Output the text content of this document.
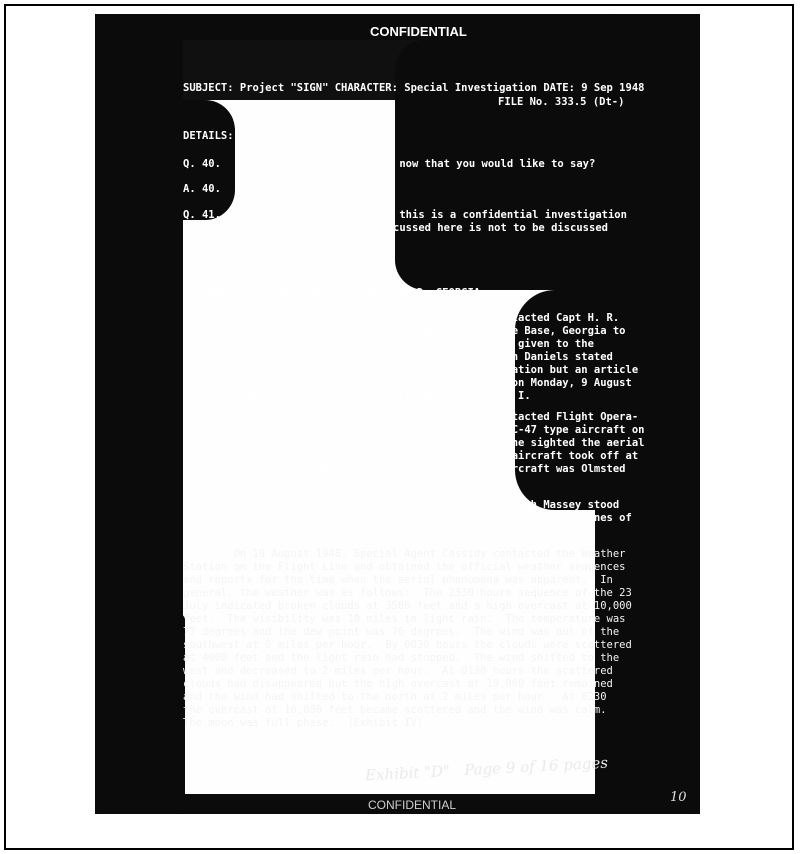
CONFIDENTIAL
SUBJECT: Project "SIGN" CHARACTER: Special Investigation DATE: 9 Sep 1948
FILE No. 333.5 (Dt-)
DETAILS:  (Cont'd)
Q. 40. Is there anything further now that you would like to say?
A. 40. No Sir.
Q. 41. I wish to remind you that this is a confidential investigation
and that what we have discussed here is not to be discussed
with anyone else.
A. 41. I will regard it as such.
AT ROBINS AIR FORCE BASE, ROBINS FIELD, GEORGIA
On 19 August 1948, Special Agent Cassidy contacted Capt H. R.
Daniels, Public Information Officer, Robins Air Force Base, Georgia to
determine whether or not any publicity releases were given to the
reported sightings on Robins Air Force Base.  Captain Daniels stated
that no press releases were given out on this information but an article
had been written in the Robins Air Force Base paper on Monday, 9 August
1948.  A copy of this article is attached as Exhibit I.
On 19 August 1948, Special Agent Cassidy contacted Flight Opera-
tions to determine the exact time of takeoff of the C-47 type aircraft on
which Walter C. Massey was standing fire guard when he sighted the aerial
phenomena.  This agent was advised that a C-47 type aircraft took off at
0256 hours 24 July 1948.  The destination of this aircraft was Olmsted
Field and the Pilot's name was Captain Fowler.
AGENT'S NOTE:  This is undoubtedly the aircraft on which Massey stood
Fire Guard since it takes about 30 to 40 minutes to warm the engines of
the aircraft and to taxi out to take off position and take off.
On 19 August 1948, Special Agent Cassidy contacted the Weather
Station on the Flight Line and obtained the official weather sequences
and reports for the time when the aerial phenomena was apparent.  In
general, the weather was as follows:  The 2330 hours sequence of the 23
July indicated broken clouds at 3500 feet and a high overcast at 10,000
feet.  The visibility was 10 miles in light rain.  The temperature was
77 degrees and the dew point was 76 degrees.  The wind was out of the
southwest at 6 miles per hour.  By 0030 hours the clouds were scattered
at 4000 feet and the light rain had stopped.  The wind shifted to the
west and decreased to 2 miles per hour.  At 0130 hours the scattered
clouds had disappeared but the high overcast at 10,000 feet remained
and the wind had shifted to the north at 2 miles per hour.  At 0230
the overcast at 10,000 feet became scattered and the wind was calm.
The moon was full phase.  (Exhibit IV)
Exhibit "D"   Page 9 of 16 pages
CONFIDENTIAL	10
